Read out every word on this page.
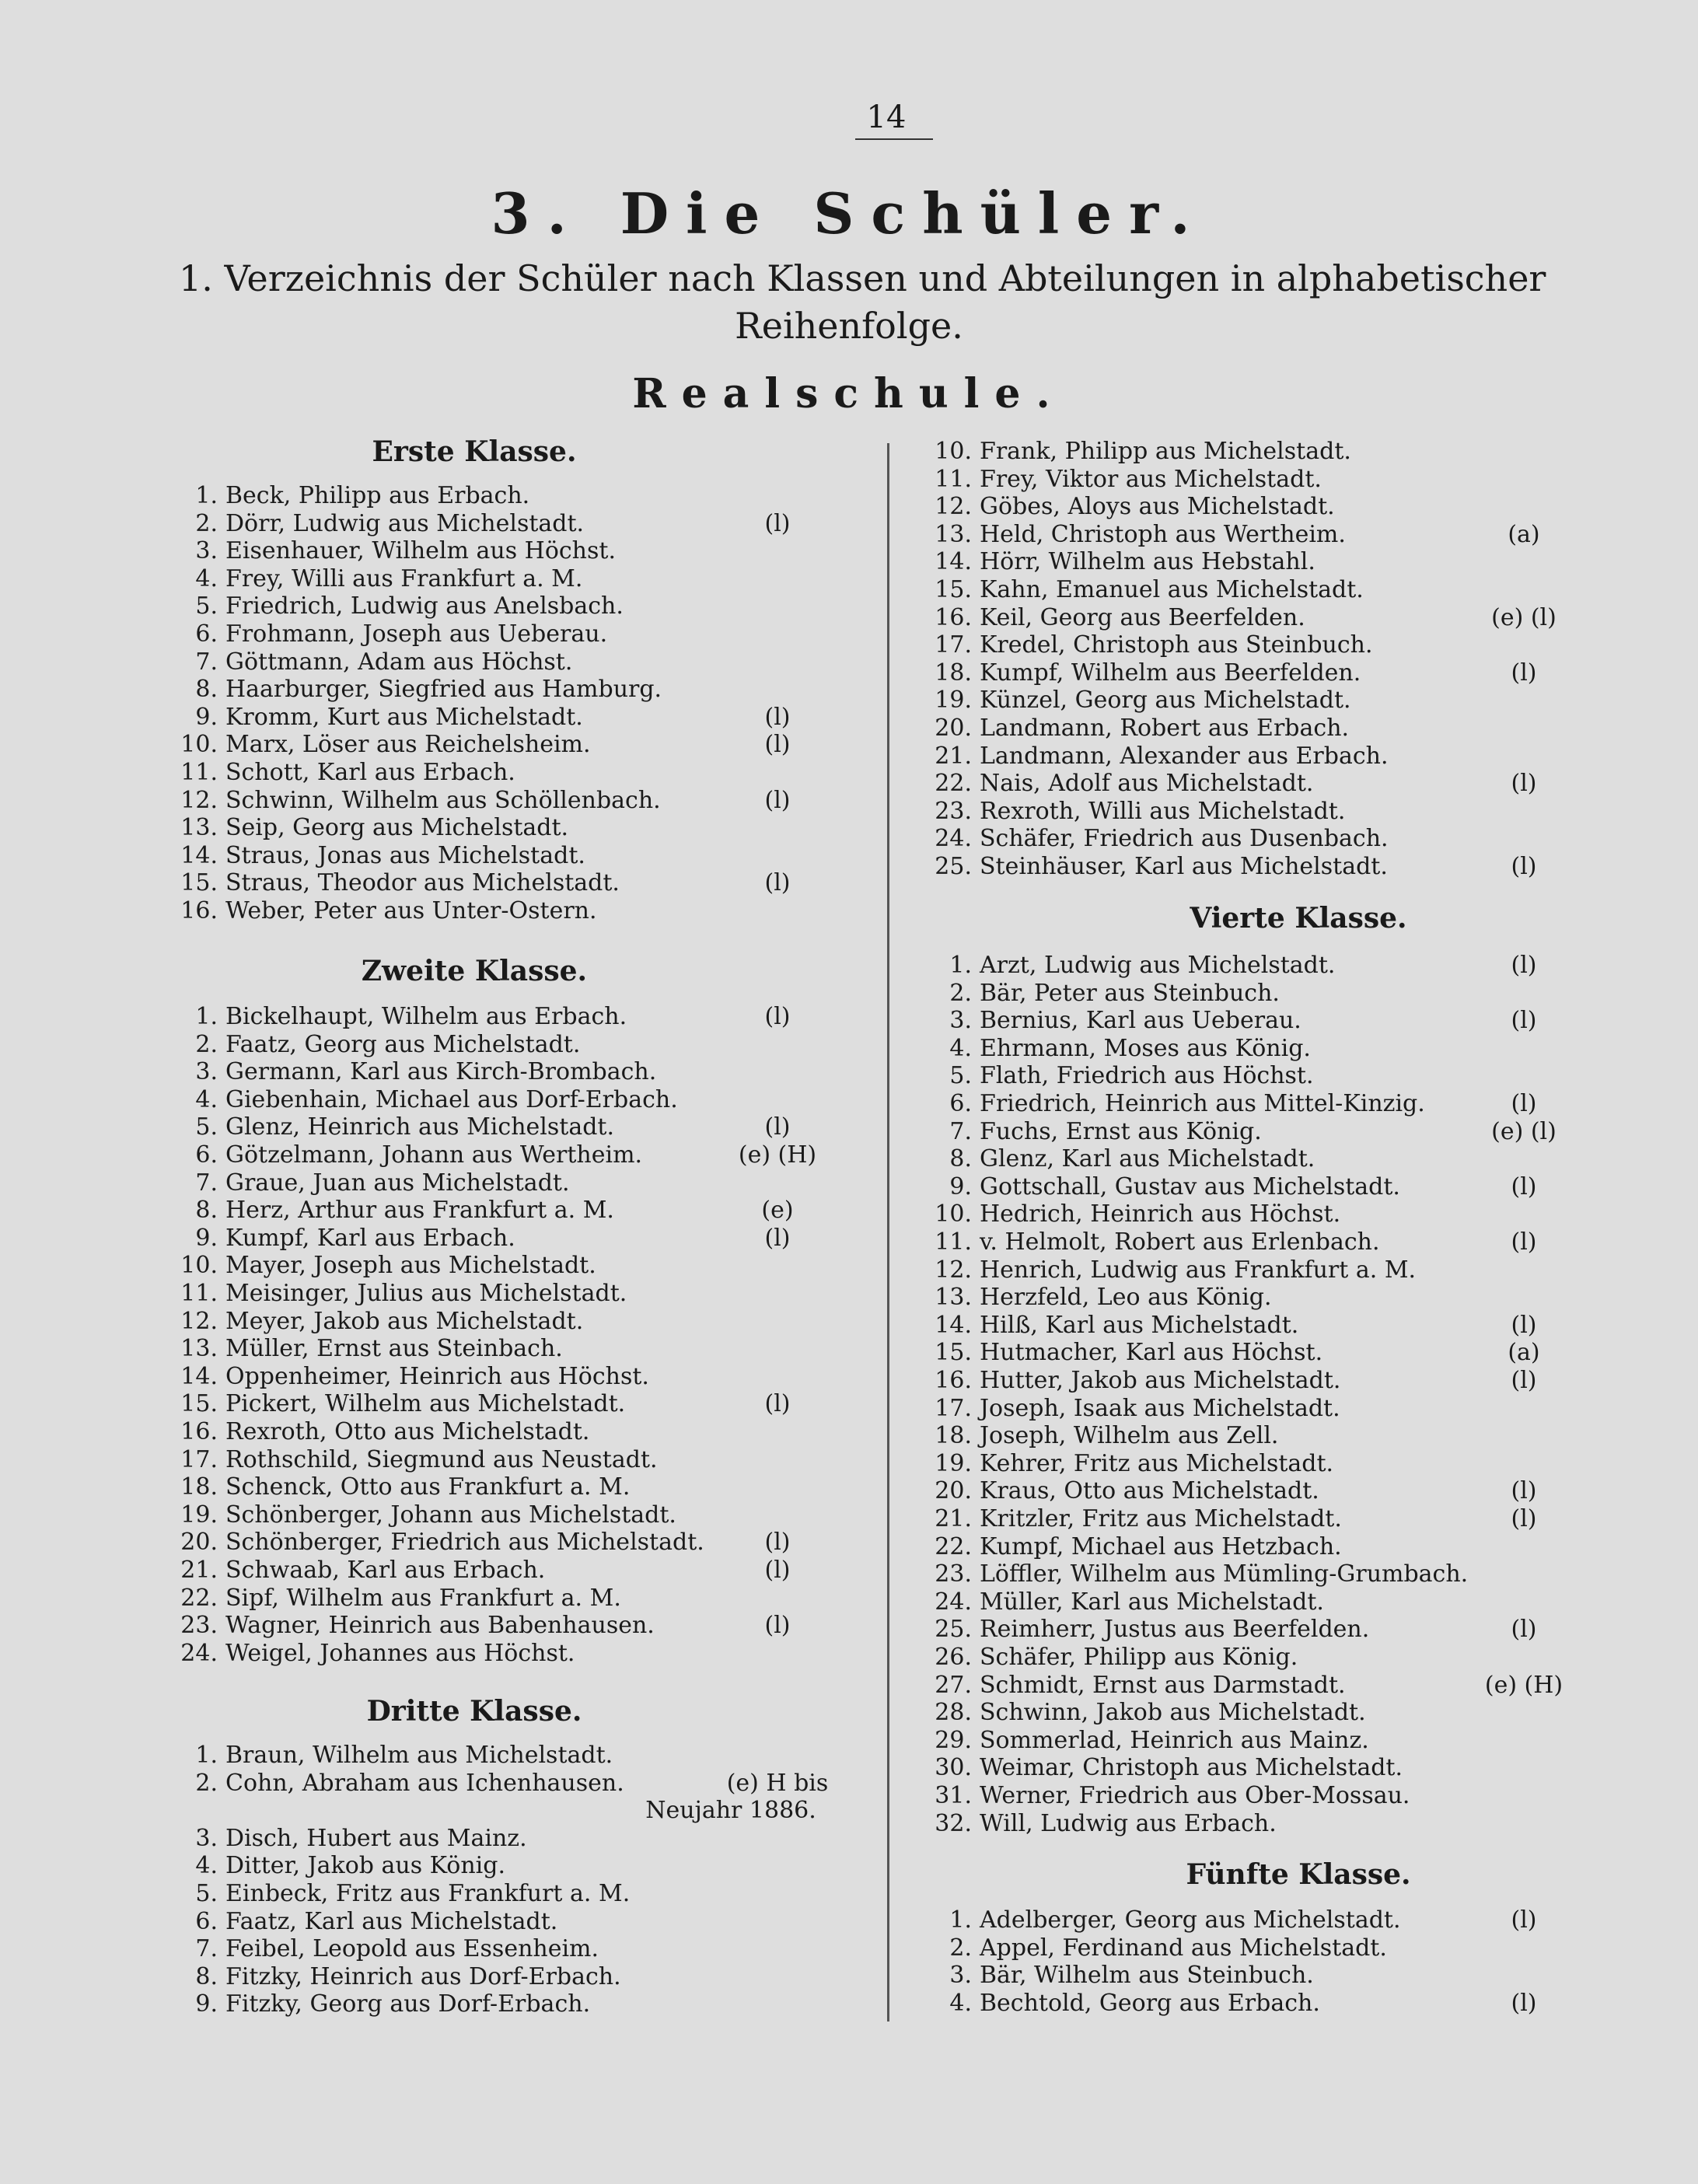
14
3. Die Schüler.
1. Verzeichnis der Schüler nach Klassen und Abteilungen in alphabetischer
Reihenfolge.
Realschule.
Erste Klasse.
1. Beck, Philipp aus Erbach.
2. Dörr, Ludwig aus Michelstadt.	(l)
3. Eisenhauer, Wilhelm aus Höchst.
4. Frey, Willi aus Frankfurt a. M.
5. Friedrich, Ludwig aus Anelsbach.
6. Frohmann, Joseph aus Ueberau.
7. Göttmann, Adam aus Höchst.
8. Haarburger, Siegfried aus Hamburg.
9. Kromm, Kurt aus Michelstadt.	(l)
10. Marx, Löser aus Reichelsheim.	(l)
11. Schott, Karl aus Erbach.
12. Schwinn, Wilhelm aus Schöllenbach.	(l)
13. Seip, Georg aus Michelstadt.
14. Straus, Jonas aus Michelstadt.
15. Straus, Theodor aus Michelstadt.	(l)
16. Weber, Peter aus Unter-Ostern.
Zweite Klasse.
1. Bickelhaupt, Wilhelm aus Erbach.	(l)
2. Faatz, Georg aus Michelstadt.
3. Germann, Karl aus Kirch-Brombach.
4. Giebenhain, Michael aus Dorf-Erbach.
5. Glenz, Heinrich aus Michelstadt.	(l)
6. Götzelmann, Johann aus Wertheim.	(e) (H)
7. Graue, Juan aus Michelstadt.
8. Herz, Arthur aus Frankfurt a. M.	(e)
9. Kumpf, Karl aus Erbach.	(l)
10. Mayer, Joseph aus Michelstadt.
11. Meisinger, Julius aus Michelstadt.
12. Meyer, Jakob aus Michelstadt.
13. Müller, Ernst aus Steinbach.
14. Oppenheimer, Heinrich aus Höchst.
15. Pickert, Wilhelm aus Michelstadt.	(l)
16. Rexroth, Otto aus Michelstadt.
17. Rothschild, Siegmund aus Neustadt.
18. Schenck, Otto aus Frankfurt a. M.
19. Schönberger, Johann aus Michelstadt.
20. Schönberger, Friedrich aus Michelstadt.	(l)
21. Schwaab, Karl aus Erbach.	(l)
22. Sipf, Wilhelm aus Frankfurt a. M.
23. Wagner, Heinrich aus Babenhausen.	(l)
24. Weigel, Johannes aus Höchst.
Dritte Klasse.
1. Braun, Wilhelm aus Michelstadt.
2. Cohn, Abraham aus Ichenhausen.	(e) H bis
Neujahr 1886.
3. Disch, Hubert aus Mainz.
4. Ditter, Jakob aus König.
5. Einbeck, Fritz aus Frankfurt a. M.
6. Faatz, Karl aus Michelstadt.
7. Feibel, Leopold aus Essenheim.
8. Fitzky, Heinrich aus Dorf-Erbach.
9. Fitzky, Georg aus Dorf-Erbach.
10. Frank, Philipp aus Michelstadt.
11. Frey, Viktor aus Michelstadt.
12. Göbes, Aloys aus Michelstadt.
13. Held, Christoph aus Wertheim.	(a)
14. Hörr, Wilhelm aus Hebstahl.
15. Kahn, Emanuel aus Michelstadt.
16. Keil, Georg aus Beerfelden.	(e) (l)
17. Kredel, Christoph aus Steinbuch.
18. Kumpf, Wilhelm aus Beerfelden.	(l)
19. Künzel, Georg aus Michelstadt.
20. Landmann, Robert aus Erbach.
21. Landmann, Alexander aus Erbach.
22. Nais, Adolf aus Michelstadt.	(l)
23. Rexroth, Willi aus Michelstadt.
24. Schäfer, Friedrich aus Dusenbach.
25. Steinhäuser, Karl aus Michelstadt.	(l)
Vierte Klasse.
1. Arzt, Ludwig aus Michelstadt.	(l)
2. Bär, Peter aus Steinbuch.
3. Bernius, Karl aus Ueberau.	(l)
4. Ehrmann, Moses aus König.
5. Flath, Friedrich aus Höchst.
6. Friedrich, Heinrich aus Mittel-Kinzig.	(l)
7. Fuchs, Ernst aus König.	(e) (l)
8. Glenz, Karl aus Michelstadt.
9. Gottschall, Gustav aus Michelstadt.	(l)
10. Hedrich, Heinrich aus Höchst.
11. v. Helmolt, Robert aus Erlenbach.	(l)
12. Henrich, Ludwig aus Frankfurt a. M.
13. Herzfeld, Leo aus König.
14. Hilß, Karl aus Michelstadt.	(l)
15. Hutmacher, Karl aus Höchst.	(a)
16. Hutter, Jakob aus Michelstadt.	(l)
17. Joseph, Isaak aus Michelstadt.
18. Joseph, Wilhelm aus Zell.
19. Kehrer, Fritz aus Michelstadt.
20. Kraus, Otto aus Michelstadt.	(l)
21. Kritzler, Fritz aus Michelstadt.	(l)
22. Kumpf, Michael aus Hetzbach.
23. Löffler, Wilhelm aus Mümling-Grumbach.
24. Müller, Karl aus Michelstadt.
25. Reimherr, Justus aus Beerfelden.	(l)
26. Schäfer, Philipp aus König.
27. Schmidt, Ernst aus Darmstadt.	(e) (H)
28. Schwinn, Jakob aus Michelstadt.
29. Sommerlad, Heinrich aus Mainz.
30. Weimar, Christoph aus Michelstadt.
31. Werner, Friedrich aus Ober-Mossau.
32. Will, Ludwig aus Erbach.
Fünfte Klasse.
1. Adelberger, Georg aus Michelstadt.	(l)
2. Appel, Ferdinand aus Michelstadt.
3. Bär, Wilhelm aus Steinbuch.
4. Bechtold, Georg aus Erbach.	(l)
